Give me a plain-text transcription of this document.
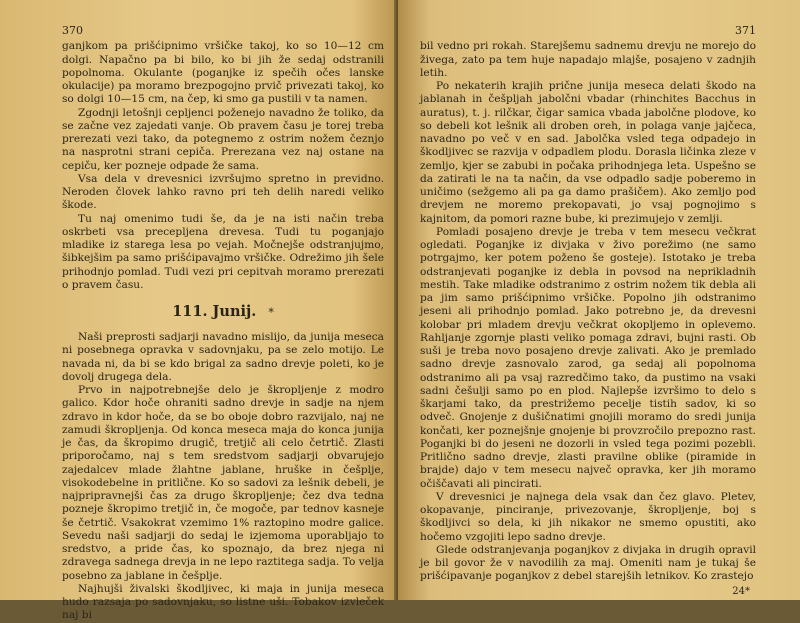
370

ganjkom pa prišćipnimo vršičke takoj, ko so 10—12 cm dolgi. Napačno pa bi bilo, ko bi jih že sedaj odstranili popolnoma. Okulante (poganjke iz spečih očes lanske okulacije) pa moramo brezpogojno prvič privezati takoj, ko so dolgi 10—15 cm, na čep, ki smo ga pustili v ta namen.

Zgodnji letošnji cepljenci poženejo navadno že toliko, da se začne vez zajedati vanje. Ob pravem času je torej treba prerezati vezi tako, da potegnemo z ostrim nožem čeznjo na nasprotni strani cepiča. Prerezana vez naj ostane na cepiču, ker pozneje odpade že sama.

Vsa dela v drevesnici izvršujmo spretno in previdno. Neroden človek lahko ravno pri teh delih naredi veliko škode.

Tu naj omenimo tudi še, da je na isti način treba oskrbeti vsa precepljena drevesa. Tudi tu poganjajo mladike iz starega lesa po vejah. Močnejše odstranjujmo, šibkejšim pa samo prišćipavajmo vršičke. Odrežimo jih šele prihodnjo pomlad. Tudi vezi pri cepitvah moramo prerezati o pravem času.

111. Junij. *

Naši preprosti sadjarji navadno mislijo, da junija meseca ni posebnega opravka v sadovnjaku, pa se zelo motijo. Le navada ni, da bi se kdo brigal za sadno drevje poleti, ko je dovolj drugega dela.

Prvo in najpotrebnejše delo je škropljenje z modro galico. Kdor hoče ohraniti sadno drevje in sadje na njem zdravo in kdor hoče, da se bo oboje dobro razvijalo, naj ne zamudi škropljenja. Od konca meseca maja do konca junija je čas, da škropimo drugič, tretjič ali celo četrtič. Zlasti priporočamo, naj s tem sredstvom sadjarji obvarujejo zajedalcev mlade žlahtne jablane, hruške in češplje, visokodebelne in pritlične. Ko so sadovi za lešnik debeli, je najpripravnejši čas za drugo škropljenje; čez dva tedna pozneje škropimo tretjič in, če mogoče, par tednov kasneje še četrtič. Vsakokrat vzemimo 1% raztopino modre galice. Sevedu naši sadjarji do sedaj le izjemoma uporabljajo to sredstvo, a pride čas, ko spoznajo, da brez njega ni zdravega sadnega drevja in ne lepo raztitega sadja. To velja posebno za jablane in češplje.

Najhujši živalski škodljivec, ki maja in junija meseca hudo razsaja po sadovnjaku, so listne uši. Tobakov izvleček naj bi

371

bil vedno pri rokah. Starejšemu sadnemu drevju ne morejo do živega, zato pa tem huje napadajo mlajše, posajeno v zadnjih letih.

Po nekaterih krajih prične junija meseca delati škodo na jablanah in češpljah jabolčni vbadar (rhinchites Bacchus in auratus), t. j. rilčkar, čigar samica vbada jabolčne plodove, ko so debeli kot lešnik ali droben oreh, in polaga vanje jajčeca, navadno po več v en sad. Jabolčka vsled tega odpadejo in škodljivec se razvija v odpadlem plodu. Dorasla ličinka zleze v zemljo, kjer se zabubi in počaka prihodnjega leta. Uspešno se da zatirati le na ta način, da vse odpadlo sadje poberemo in uničimo (sežgemo ali pa ga damo prašičem). Ako zemljo pod drevjem ne moremo prekopavati, jo vsaj pognojimo s kajnitom, da pomori razne bube, ki prezimujejo v zemlji.

Pomladi posajeno drevje je treba v tem mesecu večkrat ogledati. Poganjke iz divjaka v živo porežimo (ne samo potrgajmo, ker potem poženo še gosteje). Istotako je treba odstranjevati poganjke iz debla in povsod na neprikladnih mestih. Take mladike odstranimo z ostrim nožem tik debla ali pa jim samo prišćipnimo vršičke. Popolno jih odstranimo jeseni ali prihodnjo pomlad. Jako potrebno je, da drevesni kolobar pri mladem drevju večkrat okopljemo in oplevemo. Rahljanje zgornje plasti veliko pomaga zdravi, bujni rasti. Ob suši je treba novo posajeno drevje zalivati. Ako je premlado sadno drevje zasnovalo zarod, ga sedaj ali popolnoma odstranimo ali pa vsaj razredčimo tako, da pustimo na vsaki sadni češulji samo po en plod. Najlepše izvršimo to delo s škarjami tako, da prestrižemo pecelje tistih sadov, ki so odveč. Gnojenje z dušičnatimi gnojili moramo do sredi junija končati, ker poznejšnje gnojenje bi provzročilo prepozno rast. Poganjki bi do jeseni ne dozorli in vsled tega pozimi pozebli. Pritlično sadno drevje, zlasti pravilne oblike (piramide in brajde) dajo v tem mesecu največ opravka, ker jih moramo očiščavati ali pincirati.

V drevesnici je najnega dela vsak dan čez glavo. Pletev, okopavanje, pinciranje, privezovanje, škropljenje, boj s škodljivci so dela, ki jih nikakor ne smemo opustiti, ako hočemo vzgojiti lepo sadno drevje.

Glede odstranjevanja poganjkov z divjaka in drugih opravil je bil govor že v navodilih za maj. Omeniti nam je tukaj še prišćipavanje poganjkov z debel starejših letnikov. Ko zrastejo

24*
